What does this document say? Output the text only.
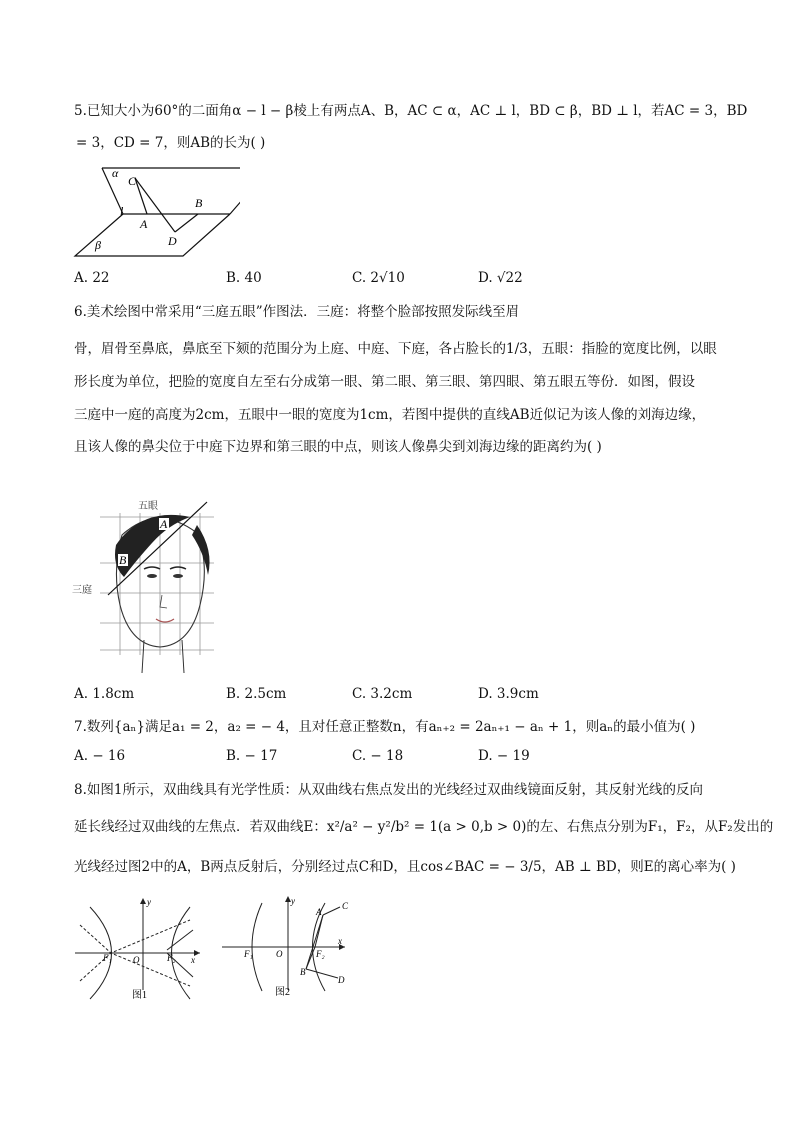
5.已知大小为60°的二面角α − l − β棱上有两点A、B，AC ⊂ α，AC ⊥ l，BD ⊂ β，BD ⊥ l，若AC = 3，BD
= 3，CD = 7，则AB的长为( )
α
C
l
A
B
D
β
A. 22	B. 40	C. 2√10	D. √22
6.美术绘图中常采用“三庭五眼”作图法．三庭：将整个脸部按照发际线至眉
骨，眉骨至鼻底，鼻底至下颏的范围分为上庭、中庭、下庭，各占脸长的1/3，五眼：指脸的宽度比例，以眼
形长度为单位，把脸的宽度自左至右分成第一眼、第二眼、第三眼、第四眼、第五眼五等份．如图，假设
三庭中一庭的高度为2cm，五眼中一眼的宽度为1cm，若图中提供的直线AB近似记为该人像的刘海边缘，
且该人像的鼻尖位于中庭下边界和第三眼的中点，则该人像鼻尖到刘海边缘的距离约为( )
A
B
五眼
三庭
A. 1.8cm	B. 2.5cm	C. 3.2cm	D. 3.9cm
7.数列{aₙ}满足a₁ = 2，a₂ = − 4，且对任意正整数n，有aₙ₊₂ = 2aₙ₊₁ − aₙ + 1，则aₙ的最小值为( )
A. − 16	B. − 17	C. − 18	D. − 19
8.如图1所示，双曲线具有光学性质：从双曲线右焦点发出的光线经过双曲线镜面反射，其反射光线的反向
延长线经过双曲线的左焦点．若双曲线E：x²/a² − y²/b² = 1(a > 0,b > 0)的左、右焦点分别为F₁，F₂，从F₂发出的
光线经过图2中的A，B两点反射后，分别经过点C和D，且cos∠BAC = − 3/5，AB ⊥ BD，则E的离心率为( )
F₁ O	F₂ x
y
图1
F₁	O	F₂
x
y
A
C
B
D
图2
